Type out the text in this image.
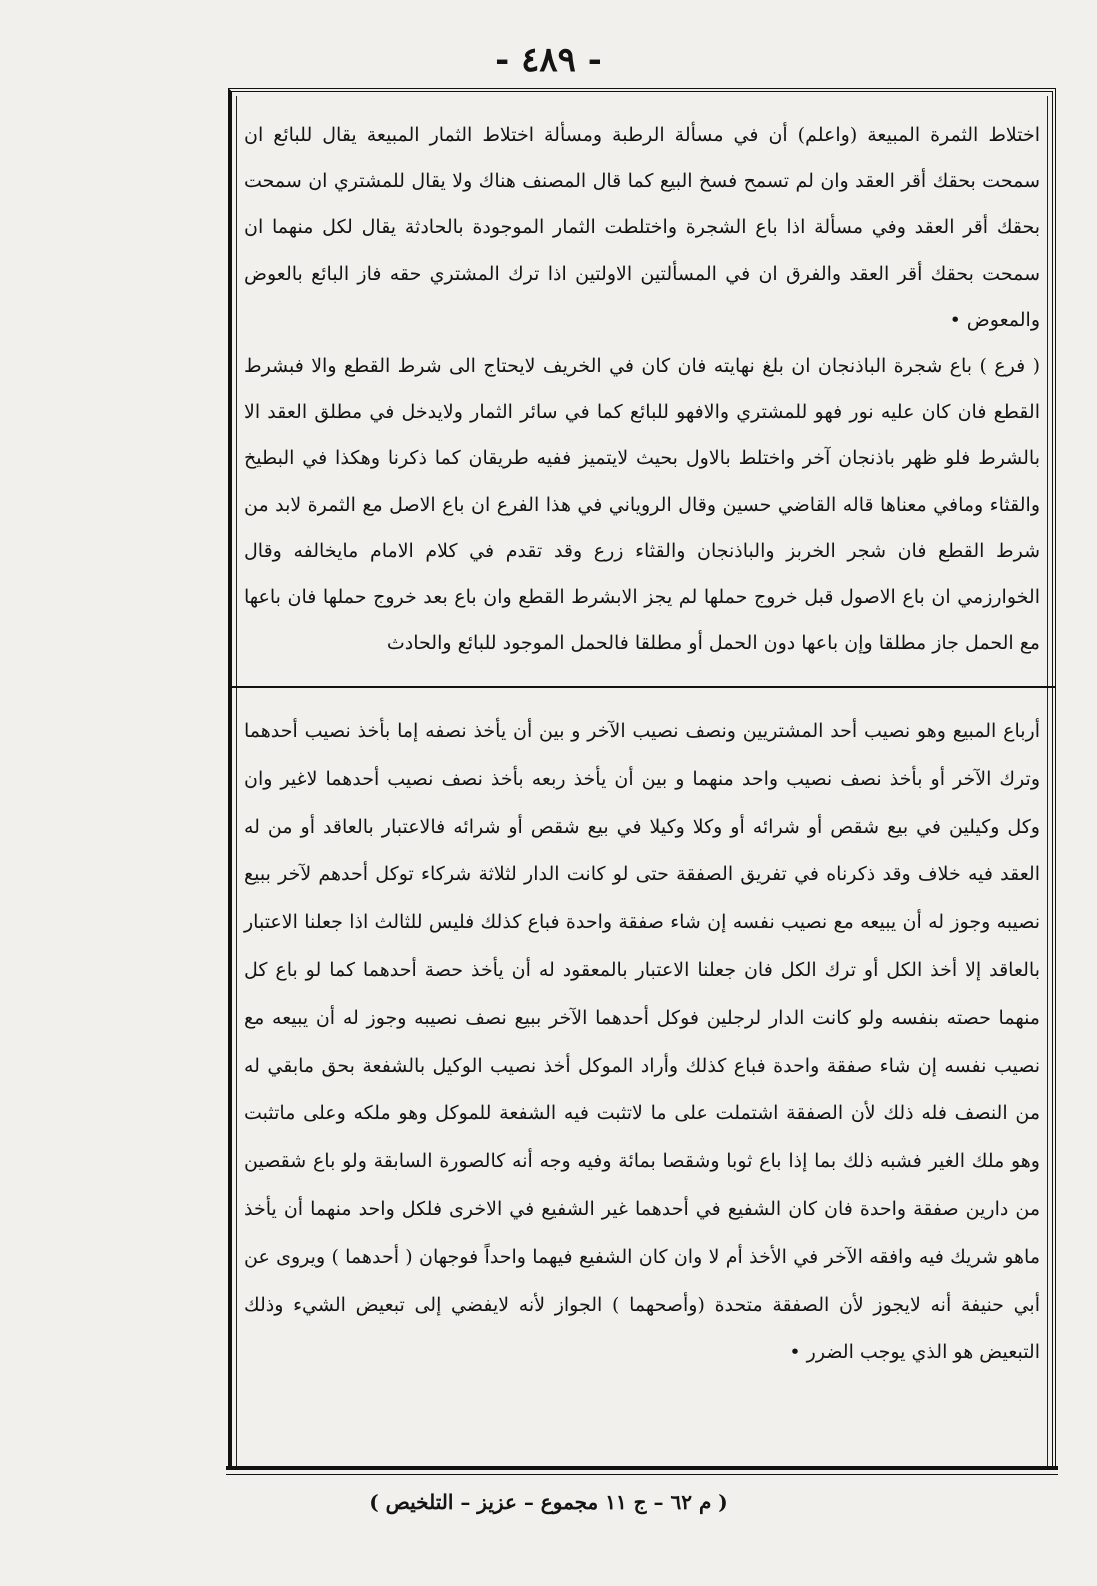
- ٤٨٩ -

اختلاط الثمرة المبيعة (واعلم) أن في مسألة الرطبة ومسألة اختلاط الثمار المبيعة يقال للبائع ان سمحت بحقك أقر العقد وان لم تسمح فسخ البيع كما قال المصنف هناك ولا يقال للمشتري ان سمحت بحقك أقر العقد وفي مسألة اذا باع الشجرة واختلطت الثمار الموجودة بالحادثة يقال لكل منهما ان سمحت بحقك أقر العقد والفرق ان في المسألتين الاولتين اذا ترك المشتري حقه فاز البائع بالعوض والمعوض •

( فرع ) باع شجرة الباذنجان ان بلغ نهايته فان كان في الخريف لايحتاج الى شرط القطع والا فبشرط القطع فان كان عليه نور فهو للمشتري والافهو للبائع كما في سائر الثمار ولايدخل في مطلق العقد الا بالشرط فلو ظهر باذنجان آخر واختلط بالاول بحيث لايتميز ففيه طريقان كما ذكرنا وهكذا في البطيخ والقثاء ومافي معناها قاله القاضي حسين وقال الروياني في هذا الفرع ان باع الاصل مع الثمرة لابد من شرط القطع فان شجر الخربز والباذنجان والقثاء زرع وقد تقدم في كلام الامام مايخالفه وقال الخوارزمي ان باع الاصول قبل خروج حملها لم يجز الابشرط القطع وان باع بعد خروج حملها فان باعها مع الحمل جاز مطلقا وإن باعها دون الحمل أو مطلقا فالحمل الموجود للبائع والحادث

أرباع المبيع وهو نصيب أحد المشتريين ونصف نصيب الآخر و بين أن يأخذ نصفه إما بأخذ نصيب أحدهما وترك الآخر أو بأخذ نصف نصيب واحد منهما و بين أن يأخذ ربعه بأخذ نصف نصيب أحدهما لاغير وان وكل وكيلين في بيع شقص أو شرائه أو وكلا وكيلا في بيع شقص أو شرائه فالاعتبار بالعاقد أو من له العقد فيه خلاف وقد ذكرناه في تفريق الصفقة حتى لو كانت الدار لثلاثة شركاء توكل أحدهم لآخر ببيع نصيبه وجوز له أن يبيعه مع نصيب نفسه إن شاء صفقة واحدة فباع كذلك فليس للثالث اذا جعلنا الاعتبار بالعاقد إلا أخذ الكل أو ترك الكل فان جعلنا الاعتبار بالمعقود له أن يأخذ حصة أحدهما كما لو باع كل منهما حصته بنفسه ولو كانت الدار لرجلين فوكل أحدهما الآخر ببيع نصف نصيبه وجوز له أن يبيعه مع نصيب نفسه إن شاء صفقة واحدة فباع كذلك وأراد الموكل أخذ نصيب الوكيل بالشفعة بحق مابقي له من النصف فله ذلك لأن الصفقة اشتملت على ما لاتثبت فيه الشفعة للموكل وهو ملكه وعلى ماتثبت وهو ملك الغير فشبه ذلك بما إذا باع ثوبا وشقصا بمائة وفيه وجه أنه كالصورة السابقة ولو باع شقصين من دارين صفقة واحدة فان كان الشفيع في أحدهما غير الشفيع في الاخرى فلكل واحد منهما أن يأخذ ماهو شريك فيه وافقه الآخر في الأخذ أم لا وان كان الشفيع فيهما واحداً فوجهان ( أحدهما ) ويروى عن أبي حنيفة أنه لايجوز لأن الصفقة متحدة (وأصحهما ) الجواز لأنه لايفضي إلى تبعيض الشيء وذلك التبعيض هو الذي يوجب الضرر •

( م ٦٢ – ج ١١ مجموع – عزيز – التلخيص )
